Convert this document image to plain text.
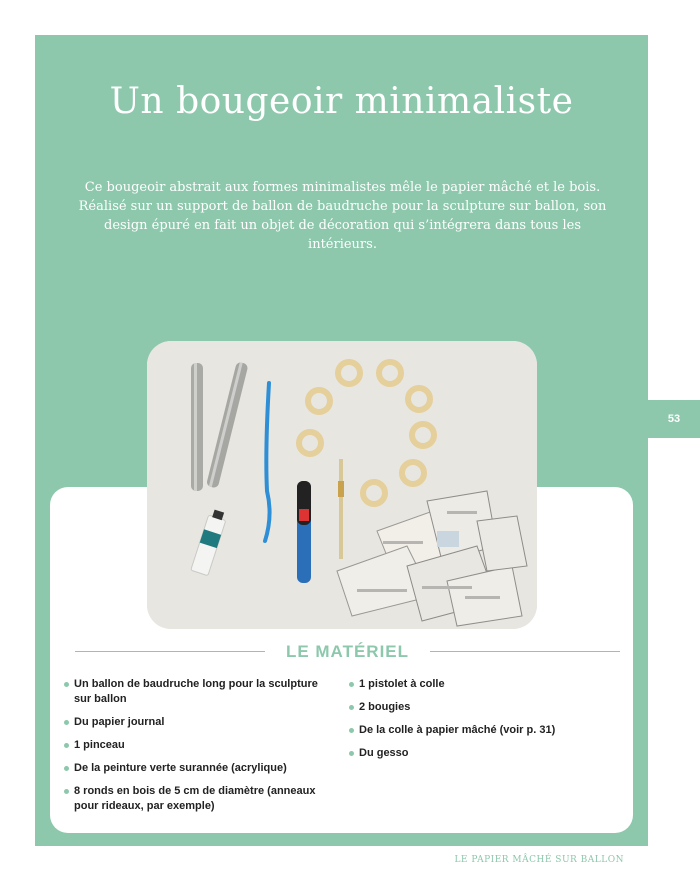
Un bougeoir minimaliste

Ce bougeoir abstrait aux formes minimalistes mêle le papier mâché et le bois. Réalisé sur un support de ballon de baudruche pour la sculpture sur ballon, son design épuré en fait un objet de décoration qui s’intégrera dans tous les intérieurs.

53
LE MATÉRIEL
Un ballon de baudruche long pour la sculpture sur ballon
Du papier journal
1 pinceau
De la peinture verte surannée (acrylique)
8 ronds en bois de 5 cm de diamètre (anneaux pour rideaux, par exemple)
1 pistolet à colle
2 bougies
De la colle à papier mâché (voir p. 31)
Du gesso
LE PAPIER MÂCHÉ SUR BALLON
